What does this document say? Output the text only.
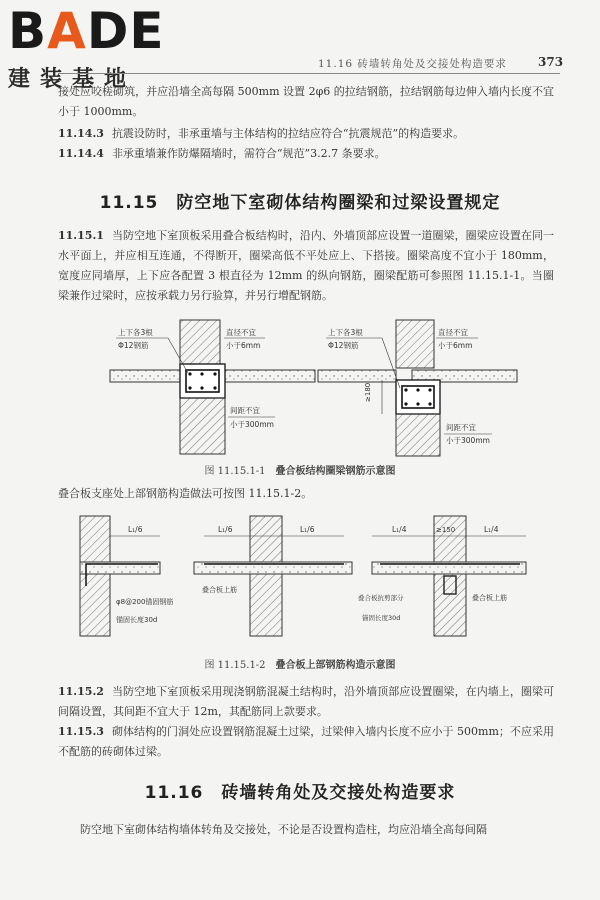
BADE
建装基地
11.16 砖墙转角处及交接处构造要求	373

接处应咬槎砌筑，并应沿墙全高每隔 500mm 设置 2φ6 的拉结钢筋，拉结钢筋每边伸入墙内长度不宜小于 1000mm。

11.14.3 抗震设防时，非承重墙与主体结构的拉结应符合“抗震规范”的构造要求。

11.14.4 非承重墙兼作防爆隔墙时，需符合“规范”3.2.7 条要求。

11.15　防空地下室砌体结构圈梁和过梁设置规定

11.15.1 当防空地下室顶板采用叠合板结构时，沿内、外墙顶部应设置一道圈梁，圈梁应设置在同一水平面上，并应相互连通，不得断开，圈梁高低不平处应上、下搭接。圈梁高度不宜小于 180mm，宽度应同墙厚，上下应各配置 3 根直径为 12mm 的纵向钢筋，圈梁配筋可参照图 11.15.1-1。当圈梁兼作过梁时，应按承载力另行验算，并另行增配钢筋。

上下各3根
Φ12钢筋
直径不宜
小于6mm
间距不宜
小于300mm
上下各3根
Φ12钢筋
直径不宜
小于6mm
≥180
间距不宜
小于300mm
图 11.15.1-1 叠合板结构圈梁钢筋示意图

叠合板支座处上部钢筋构造做法可按图 11.15.1-2。

L₁/6
φ8@200锚固钢筋
锚固长度30d
L₁/6	L₁/6
叠合板上筋
L₁/4	≥150	L₁/4
叠合板抗剪部分
锚固长度30d
叠合板上筋
图 11.15.1-2 叠合板上部钢筋构造示意图

11.15.2 当防空地下室顶板采用现浇钢筋混凝土结构时，沿外墙顶部应设置圈梁，在内墙上，圈梁可间隔设置，其间距不宜大于 12m，其配筋同上款要求。

11.15.3 砌体结构的门洞处应设置钢筋混凝土过梁，过梁伸入墙内长度不应小于 500mm；不应采用不配筋的砖砌体过梁。

11.16　砖墙转角处及交接处构造要求

防空地下室砌体结构墙体转角及交接处，不论是否设置构造柱，均应沿墙全高每间隔
